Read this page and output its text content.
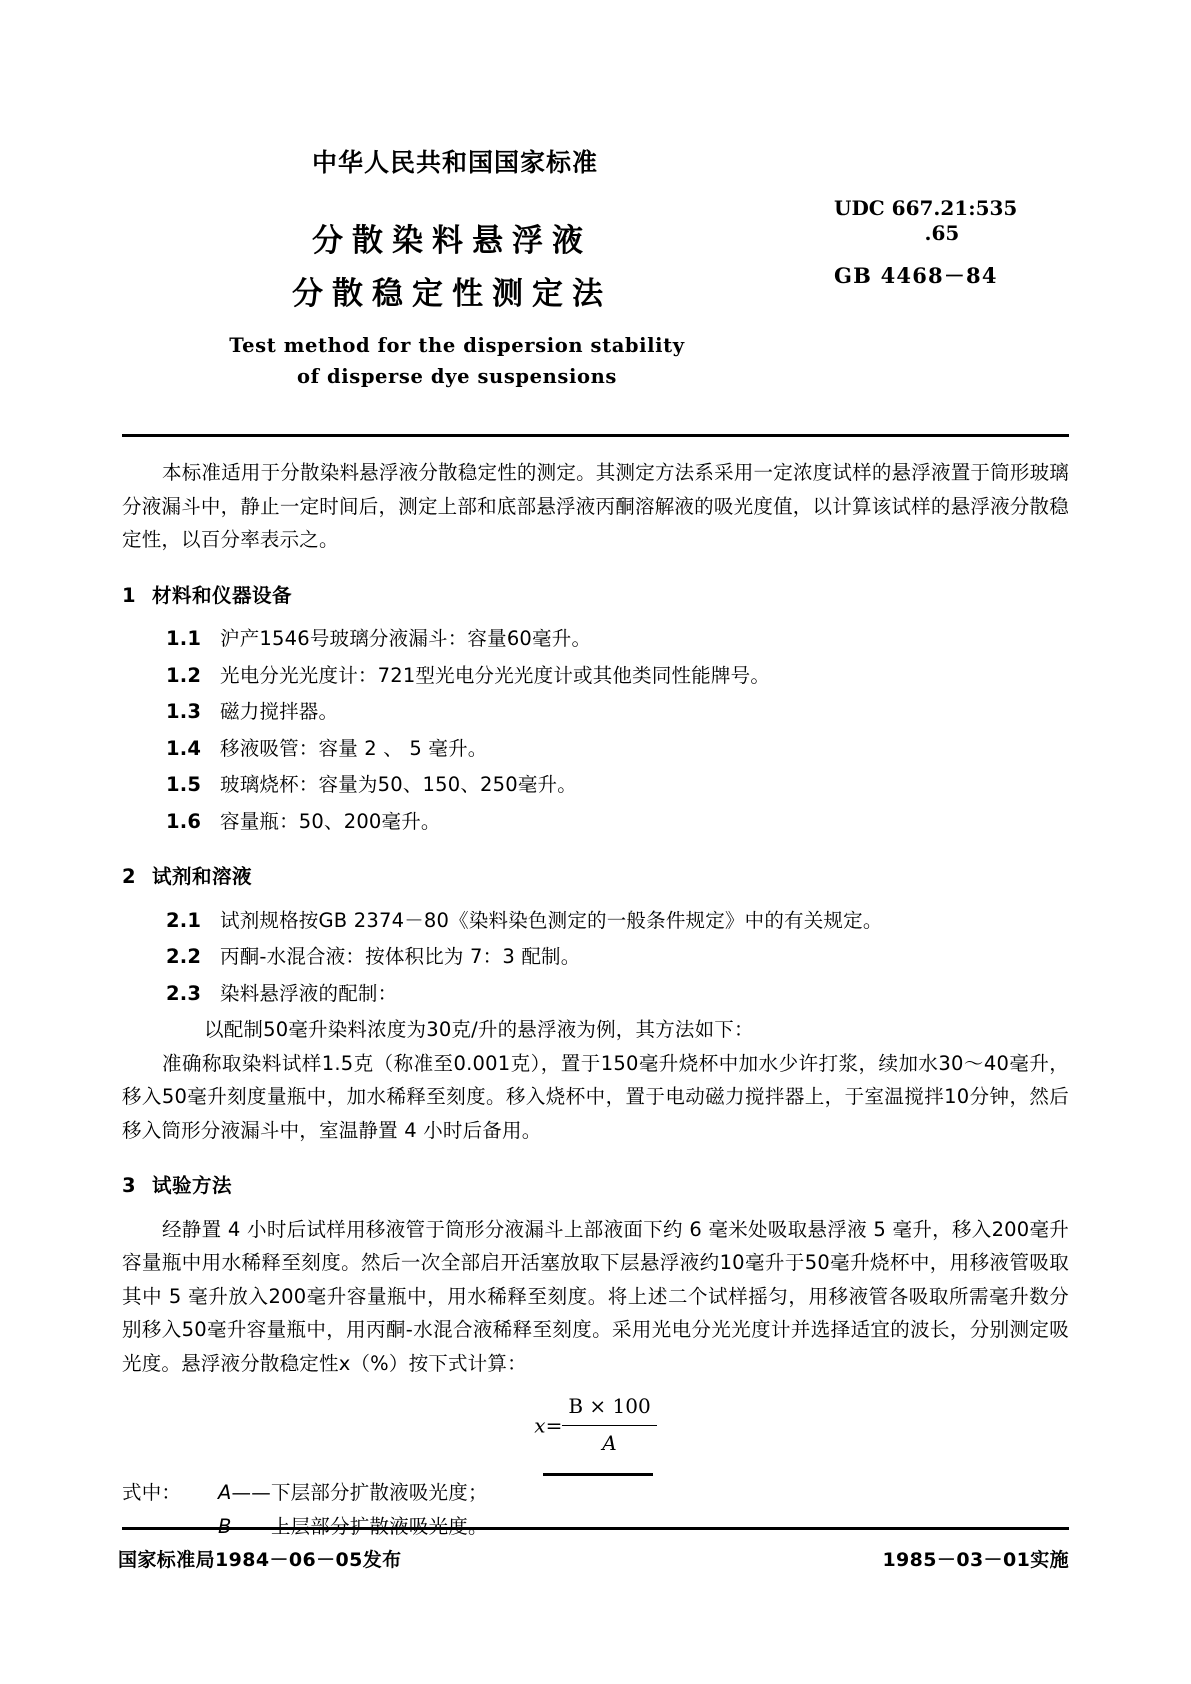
中华人民共和国国家标准
分散染料悬浮液
分散稳定性测定法
Test method for the dispersion stability
of disperse dye suspensions
UDC 667.21:535
.65
GB 4468－84

本标准适用于分散染料悬浮液分散稳定性的测定。其测定方法系采用一定浓度试样的悬浮液置于筒形玻璃分液漏斗中，静止一定时间后，测定上部和底部悬浮液丙酮溶解液的吸光度值，以计算该试样的悬浮液分散稳定性，以百分率表示之。

1 材料和仪器设备

1.1 沪产1546号玻璃分液漏斗：容量60毫升。

1.2 光电分光光度计：721型光电分光光度计或其他类同性能牌号。

1.3 磁力搅拌器。

1.4 移液吸管：容量 2 、 5 毫升。

1.5 玻璃烧杯：容量为50、150、250毫升。

1.6 容量瓶：50、200毫升。

2 试剂和溶液

2.1 试剂规格按GB 2374－80《染料染色测定的一般条件规定》中的有关规定。

2.2 丙酮-水混合液：按体积比为 7：3 配制。

2.3 染料悬浮液的配制：

以配制50毫升染料浓度为30克/升的悬浮液为例，其方法如下：

准确称取染料试样1.5克（称准至0.001克），置于150毫升烧杯中加水少许打浆，续加水30～40毫升，移入50毫升刻度量瓶中，加水稀释至刻度。移入烧杯中，置于电动磁力搅拌器上，于室温搅拌10分钟，然后移入筒形分液漏斗中，室温静置 4 小时后备用。

3 试验方法

经静置 4 小时后试样用移液管于筒形分液漏斗上部液面下约 6 毫米处吸取悬浮液 5 毫升，移入200毫升容量瓶中用水稀释至刻度。然后一次全部启开活塞放取下层悬浮液约10毫升于50毫升烧杯中，用移液管吸取其中 5 毫升放入200毫升容量瓶中，用水稀释至刻度。将上述二个试样摇匀，用移液管各吸取所需毫升数分别移入50毫升容量瓶中，用丙酮-水混合液稀释至刻度。采用光电分光光度计并选择适宜的波长，分别测定吸光度。悬浮液分散稳定性x（%）按下式计算：

$x= \frac{B \times 100}{A}$

式中： A——下层部分扩散液吸光度；

B——上层部分扩散液吸光度。

国家标准局1984－06－05发布	1985－03－01实施
